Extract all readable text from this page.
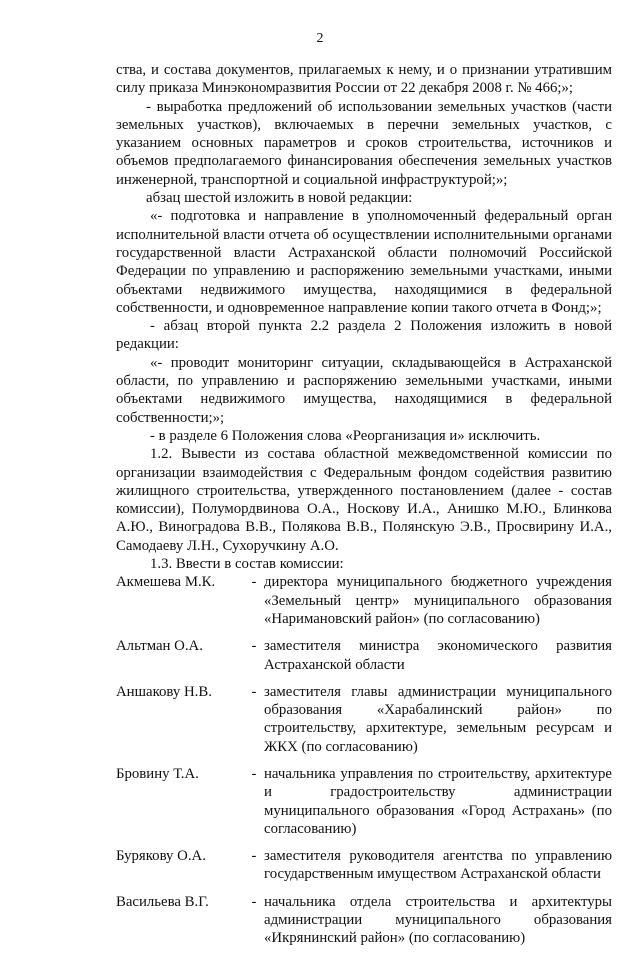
2

ства, и состава документов, прилагаемых к нему, и о признании утратившим силу приказа Минэкономразвития России от 22 декабря 2008 г. № 466;»;

- выработка предложений об использовании земельных участков (части земельных участков), включаемых в перечни земельных участков, с указанием основных параметров и сроков строительства, источников и объемов предполагаемого финансирования обеспечения земельных участков инженерной, транспортной и социальной инфраструктурой;»;

абзац шестой изложить в новой редакции:

«- подготовка и направление в уполномоченный федеральный орган исполнительной власти отчета об осуществлении исполнительными органами государственной власти Астраханской области полномочий Российской Федерации по управлению и распоряжению земельными участками, иными объектами недвижимого имущества, находящимися в федеральной собственности, и одновременное направление копии такого отчета в Фонд;»;

- абзац второй пункта 2.2 раздела 2 Положения изложить в новой редакции:

«- проводит мониторинг ситуации, складывающейся в Астраханской области, по управлению и распоряжению земельными участками, иными объектами недвижимого имущества, находящимися в федеральной собственности;»;

- в разделе 6 Положения слова «Реорганизация и» исключить.

1.2. Вывести из состава областной межведомственной комиссии по организации взаимодействия с Федеральным фондом содействия развитию жилищного строительства, утвержденного постановлением (далее - состав комиссии), Полумордвинова О.А., Носкову И.А., Анишко М.Ю., Блинкова А.Ю., Виноградова В.В., Полякова В.В., Полянскую Э.В., Просвирину И.А., Самодаеву Л.Н., Сухоручкину А.О.

1.3. Ввести в состав комиссии:

Акмешева М.К.	- директора муниципального бюджетного учреждения «Земельный центр» муниципального образования «Наримановский район» (по согласованию)
Альтман О.А.	- заместителя министра экономического развития Астраханской области
Аншакову Н.В.	- заместителя главы администрации муниципального образования «Харабалинский район» по строительству, архитектуре, земельным ресурсам и ЖКХ (по согласованию)
Бровину Т.А.	- начальника управления по строительству, архитектуре и градостроительству администрации муниципального образования «Город Астрахань» (по согласованию)
Бурякову О.А.	- заместителя руководителя агентства по управлению государственным имуществом Астраханской области
Васильева В.Г.	- начальника отдела строительства и архитектуры администрации муниципального образования «Икрянинский район» (по согласованию)
